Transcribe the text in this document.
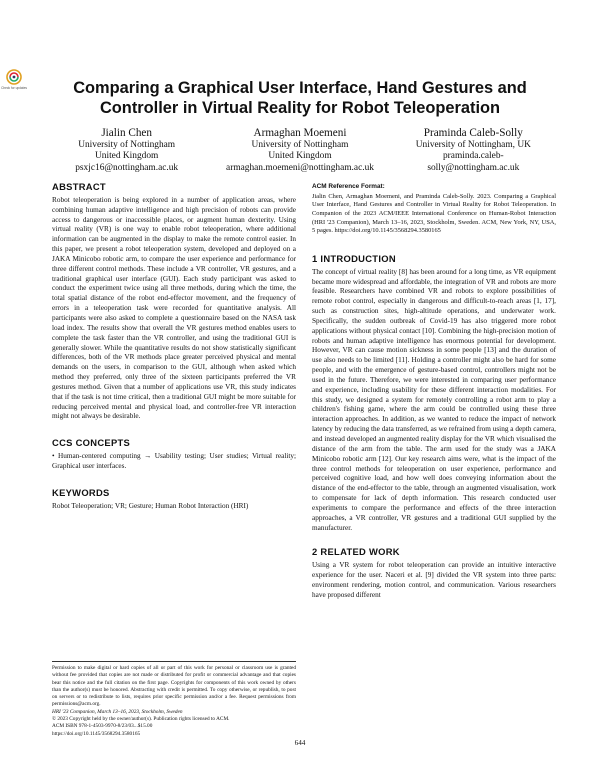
Check for updates	Comparing a Graphical User Interface, Hand Gestures and Controller in Virtual Reality for Robot Teleoperation
Jialin Chen
University of Nottingham
United Kingdom
psxjc16@nottingham.ac.uk
Armaghan Moemeni
University of Nottingham
United Kingdom
armaghan.moemeni@nottingham.ac.uk
Praminda Caleb-Solly
University of Nottingham, UK
praminda.caleb-
solly@nottingham.ac.uk
ABSTRACT

Robot teleoperation is being explored in a number of application areas, where combining human adaptive intelligence and high precision of robots can provide access to dangerous or inaccessible places, or augment human dexterity. Using virtual reality (VR) is one way to enable robot teleoperation, where additional information can be augmented in the display to make the remote control easier. In this paper, we present a robot teleoperation system, developed and deployed on a JAKA Minicobo robotic arm, to compare the user experience and performance for three different control methods. These include a VR controller, VR gestures, and a traditional graphical user interface (GUI). Each study participant was asked to conduct the experiment twice using all three methods, during which the time, the total spatial distance of the robot end-effector movement, and the frequency of errors in a teleoperation task were recorded for quantitative analysis. All participants were also asked to complete a questionnaire based on the NASA task load index. The results show that overall the VR gestures method enables users to complete the task faster than the VR controller, and using the traditional GUI is generally slower. While the quantitative results do not show statistically significant differences, both of the VR methods place greater perceived physical and mental demands on the users, in comparison to the GUI, although when asked which method they preferred, only three of the sixteen participants preferred the VR gestures method. Given that a number of applications use VR, this study indicates that if the task is not time critical, then a traditional GUI might be more suitable for reducing perceived mental and physical load, and controller-free VR interaction might not always be desirable.

CCS CONCEPTS

• Human-centered computing → Usability testing; User studies; Virtual reality; Graphical user interfaces.

KEYWORDS

Robot Teleoperation; VR; Gesture; Human Robot Interaction (HRI)

Permission to make digital or hard copies of all or part of this work for personal or classroom use is granted without fee provided that copies are not made or distributed for profit or commercial advantage and that copies bear this notice and the full citation on the first page. Copyrights for components of this work owned by others than the author(s) must be honored. Abstracting with credit is permitted. To copy otherwise, or republish, to post on servers or to redistribute to lists, requires prior specific permission and/or a fee. Request permissions from permissions@acm.org.

HRI '23 Companion, March 13–16, 2023, Stockholm, Sweden
© 2023 Copyright held by the owner/author(s). Publication rights licensed to ACM.
ACM ISBN 978-1-4503-9970-8/23/03...$15.00
https://doi.org/10.1145/3568294.3580165
ACM Reference Format:

Jialin Chen, Armaghan Moemeni, and Praminda Caleb-Solly. 2023. Comparing a Graphical User Interface, Hand Gestures and Controller in Virtual Reality for Robot Teleoperation. In Companion of the 2023 ACM/IEEE International Conference on Human-Robot Interaction (HRI '23 Companion), March 13–16, 2023, Stockholm, Sweden. ACM, New York, NY, USA, 5 pages. https://doi.org/10.1145/3568294.3580165

1 INTRODUCTION

The concept of virtual reality [8] has been around for a long time, as VR equipment became more widespread and affordable, the integration of VR and robots are more feasible. Researchers have combined VR and robots to explore possibilities of remote robot control, especially in dangerous and difficult-to-reach areas [1, 17], such as construction sites, high-altitude operations, and underwater work. Specifically, the sudden outbreak of Covid-19 has also triggered more robot applications without physical contact [10]. Combining the high-precision motion of robots and human adaptive intelligence has enormous potential for development. However, VR can cause motion sickness in some people [13] and the duration of use also needs to be limited [11]. Holding a controller might also be hard for some people, and with the emergence of gesture-based control, controllers might not be used in the future. Therefore, we were interested in comparing user performance and experience, including usability for these different interaction modalities. For this study, we designed a system for remotely controlling a robot arm to play a children's fishing game, where the arm could be controlled using these three interaction approaches. In addition, as we wanted to reduce the impact of network latency by reducing the data transferred, as we refrained from using a depth camera, and instead developed an augmented reality display for the VR which visualised the distance of the arm from the table. The arm used for the study was a JAKA Minicobo robotic arm [12]. Our key research aims were, what is the impact of the three control methods for teleoperation on user experience, performance and perceived cognitive load, and how well does conveying information about the distance of the end-effector to the table, through an augmented visualisation, work to compensate for lack of depth information. This research conducted user experiments to compare the performance and effects of the three interaction approaches, a VR controller, VR gestures and a traditional GUI supplied by the manufacturer.

2 RELATED WORK

Using a VR system for robot teleoperation can provide an intuitive interactive experience for the user. Naceri et al. [9] divided the VR system into three parts: environment rendering, motion control, and communication. Various researchers have proposed different

644
